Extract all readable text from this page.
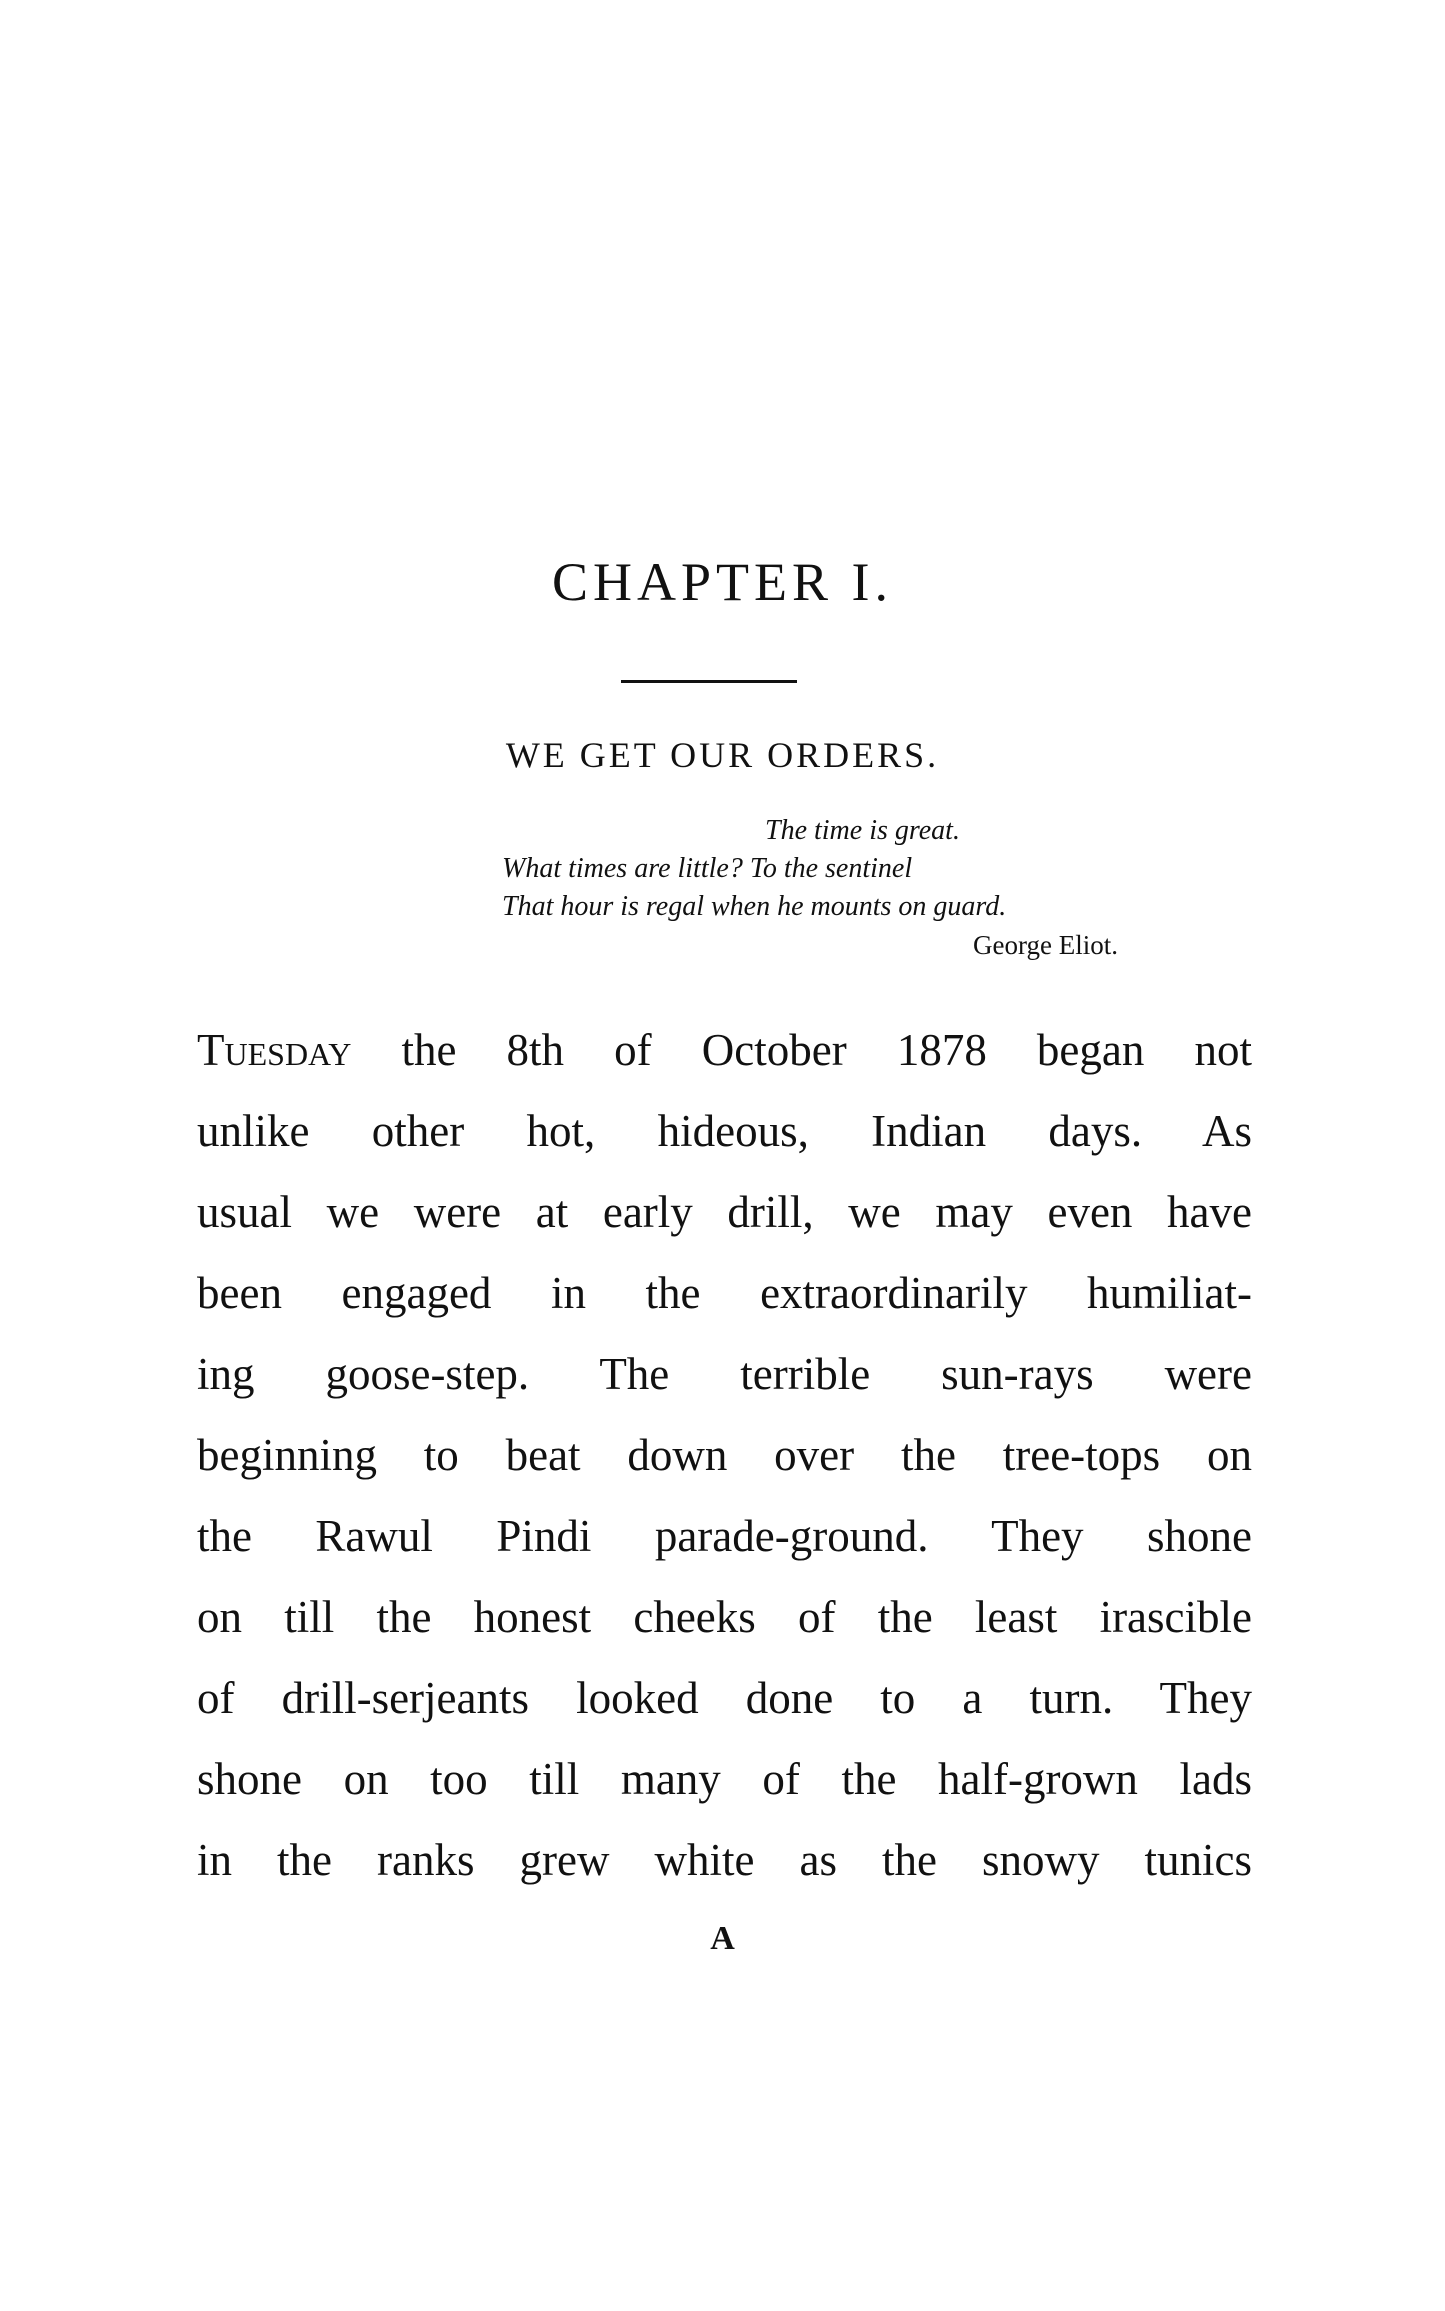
CHAPTER I.
WE GET OUR ORDERS.
The time is great.
What times are little? To the sentinel
That hour is regal when he mounts on guard.
George Eliot.
Tuesday the 8th of October 1878 began not
unlike other hot, hideous, Indian days. As
usual we were at early drill, we may even have
been engaged in the extraordinarily humiliat-
ing goose-step. The terrible sun-rays were
beginning to beat down over the tree-tops on
the Rawul Pindi parade-ground. They shone
on till the honest cheeks of the least irascible
of drill-serjeants looked done to a turn. They
shone on too till many of the half-grown lads
in the ranks grew white as the snowy tunics
A
